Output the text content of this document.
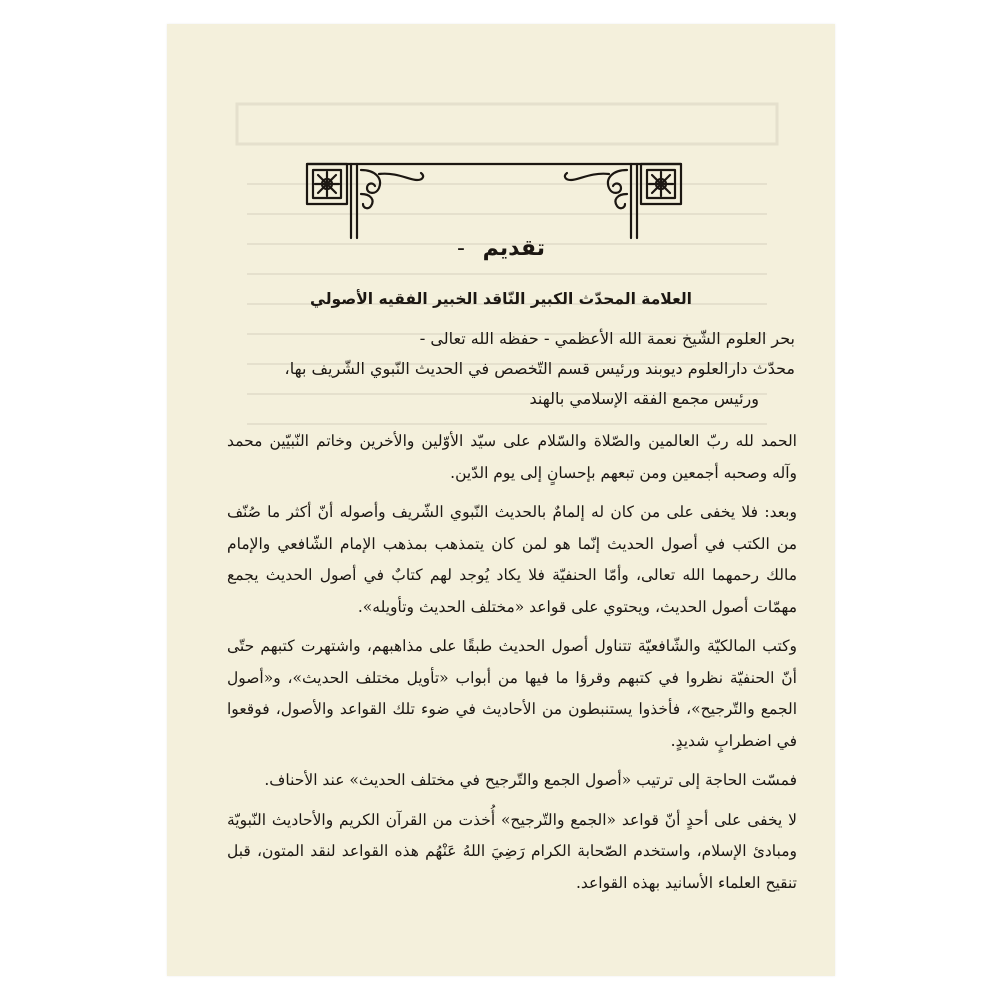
تقديم -
العلامة المحدّث الكبير النّاقد الخبير الفقيه الأصولي
بحر العلوم الشّيخ نعمة الله الأعظمي - حفظه الله تعالى -
محدّث دارالعلوم ديوبند ورئيس قسم التّخصص في الحديث النّبوي الشّريف بها،
ورئيس مجمع الفقه الإسلامي بالهند

الحمد لله ربّ العالمين والصّلاة والسّلام على سيّد الأوّلين والأخرين وخاتم النّبيّين محمد وآله وصحبه أجمعين ومن تبعهم بإحسانٍ إلى يوم الدّين.

وبعد: فلا يخفى على من كان له إلمامٌ بالحديث النّبوي الشّريف وأصوله أنّ أكثر ما صُنّف من الكتب في أصول الحديث إنّما هو لمن كان يتمذهب بمذهب الإمام الشّافعي والإمام مالك رحمهما الله تعالى، وأمّا الحنفيّة فلا يكاد يُوجد لهم كتابٌ في أصول الحديث يجمع مهمّات أصول الحديث، ويحتوي على قواعد «مختلف الحديث وتأويله».

وكتب المالكيّة والشّافعيّة تتناول أصول الحديث طبقًا على مذاهبهم، واشتهرت كتبهم حتّى أنّ الحنفيّة نظروا في كتبهم وقرؤا ما فيها من أبواب «تأويل مختلف الحديث»، و«أصول الجمع والتّرجيح»، فأخذوا يستنبطون من الأحاديث في ضوء تلك القواعد والأصول، فوقعوا في اضطرابٍ شديدٍ.

فمسّت الحاجة إلى ترتيب «أصول الجمع والتّرجيح في مختلف الحديث» عند الأحناف.

لا يخفى على أحدٍ أنّ قواعد «الجمع والتّرجيح» أُخذت من القرآن الكريم والأحاديث النّبويّة ومبادئ الإسلام، واستخدم الصّحابة الكرام رَضِيَ اللهُ عَنْهُم هذه القواعد لنقد المتون، قبل تنقيح العلماء الأسانيد بهذه القواعد.
